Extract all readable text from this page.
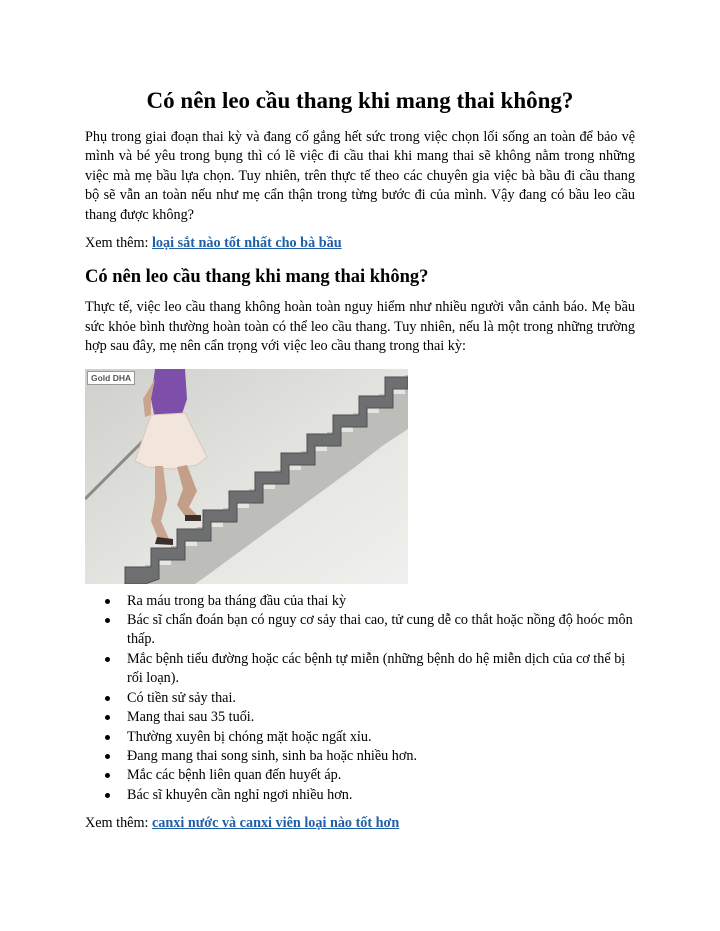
Có nên leo cầu thang khi mang thai không?

Phụ trong giai đoạn thai kỳ và đang cố gắng hết sức trong việc chọn lối sống an toàn để bảo vệ mình và bé yêu trong bụng thì có lẽ việc đi cầu thai khi mang thai sẽ không nằm trong những việc mà mẹ bầu lựa chọn. Tuy nhiên, trên thực tế theo các chuyên gia việc bà bầu đi cầu thang bộ sẽ vẫn an toàn nếu như mẹ cẩn thận trong từng bước đi của mình. Vậy đang có bầu leo cầu thang được không?

Xem thêm: loại sắt nào tốt nhất cho bà bầu

Có nên leo cầu thang khi mang thai không?

Thực tế, việc leo cầu thang không hoàn toàn nguy hiểm như nhiều người vẫn cảnh báo. Mẹ bầu sức khỏe bình thường hoàn toàn có thể leo cầu thang. Tuy nhiên, nếu là một trong những trường hợp sau đây, mẹ nên cẩn trọng với việc leo cầu thang trong thai kỳ:

Gold DHA
Ra máu trong ba tháng đầu của thai kỳ
Bác sĩ chẩn đoán bạn có nguy cơ sảy thai cao, tử cung dễ co thắt hoặc nồng độ hoóc môn thấp.
Mắc bệnh tiểu đường hoặc các bệnh tự miễn (những bệnh do hệ miễn dịch của cơ thể bị rối loạn).
Có tiền sử sảy thai.
Mang thai sau 35 tuổi.
Thường xuyên bị chóng mặt hoặc ngất xỉu.
Đang mang thai song sinh, sinh ba hoặc nhiều hơn.
Mắc các bệnh liên quan đến huyết áp.
Bác sĩ khuyên cần nghỉ ngơi nhiều hơn.

Xem thêm: canxi nước và canxi viên loại nào tốt hơn
